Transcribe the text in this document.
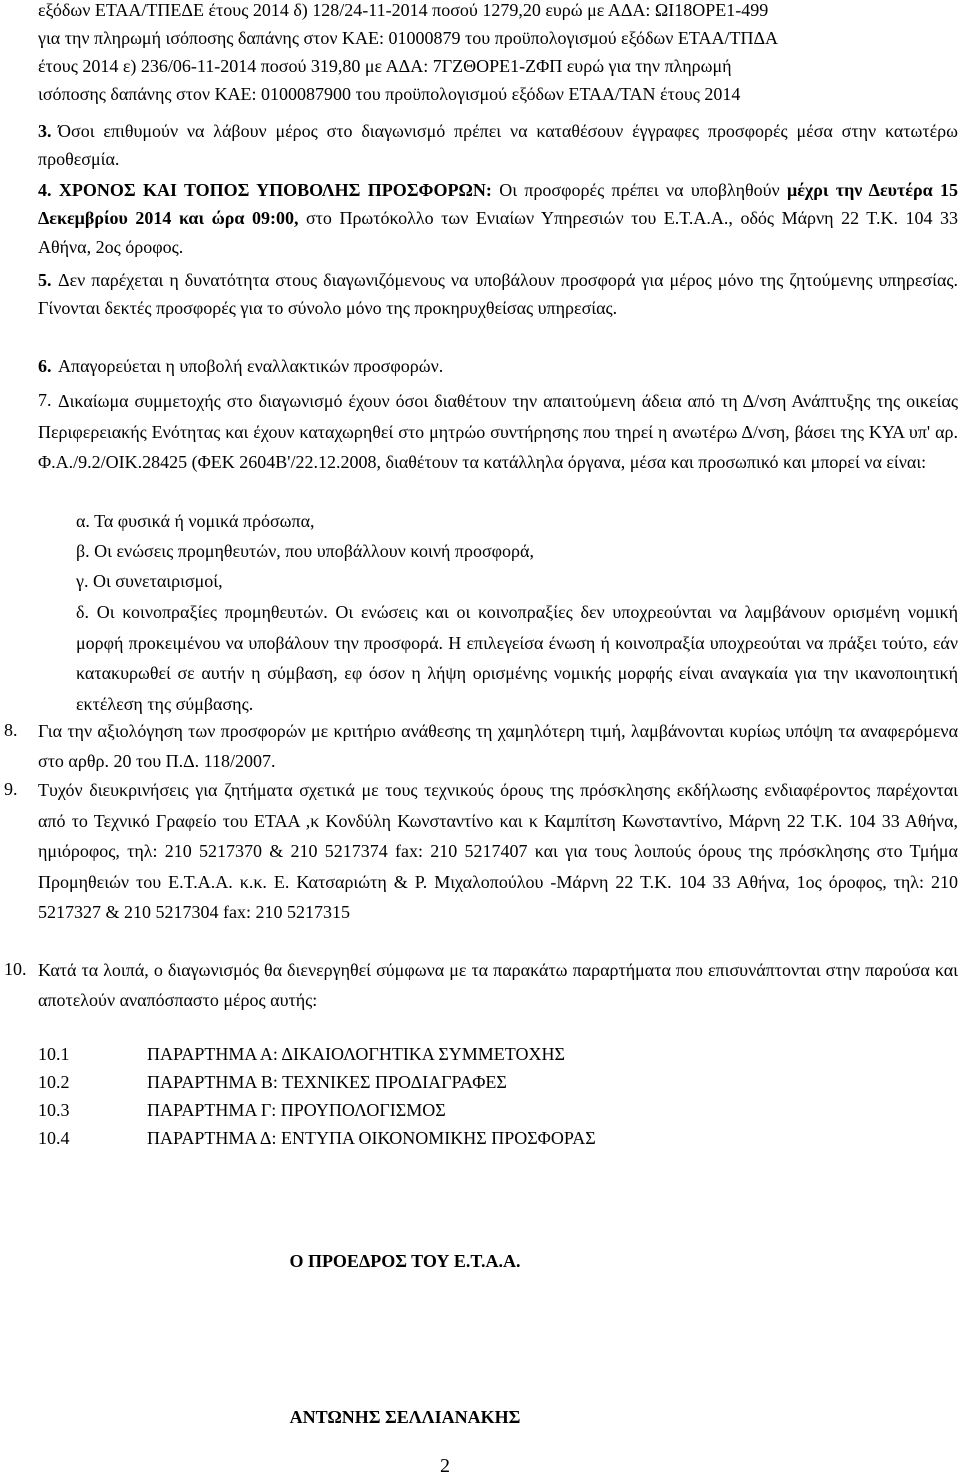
εξόδων ΕΤΑΑ/ΤΠΕΔΕ έτους 2014 δ) 128/24-11-2014 ποσού 1279,20 ευρώ με ΑΔΑ: ΩΙ18ΟΡΕ1-499
για την πληρωμή ισόποσης δαπάνης στον ΚΑΕ: 01000879 του προϋπολογισμού εξόδων ΕΤΑΑ/ΤΠΔΑ
έτους 2014 ε) 236/06-11-2014 ποσού 319,80 με ΑΔΑ: 7ΓΖΘΟΡΕ1-ΖΦΠ ευρώ για την πληρωμή
ισόποσης δαπάνης στον ΚΑΕ: 0100087900 του προϋπολογισμού εξόδων ΕΤΑΑ/ΤΑΝ έτους 2014
3. Όσοι επιθυμούν να λάβουν μέρος στο διαγωνισμό πρέπει να καταθέσουν έγγραφες προσφορές μέσα στην κατωτέρω προθεσμία.
4. ΧΡΟΝΟΣ ΚΑΙ ΤΟΠΟΣ ΥΠΟΒΟΛΗΣ ΠΡΟΣΦΟΡΩΝ: Οι προσφορές πρέπει να υποβληθούν μέχρι την Δευτέρα 15 Δεκεμβρίου 2014 και ώρα 09:00, στο Πρωτόκολλο των Ενιαίων Υπηρεσιών του Ε.Τ.Α.Α., οδός Μάρνη 22 Τ.Κ. 104 33 Αθήνα, 2ος όροφος.
5. Δεν παρέχεται η δυνατότητα στους διαγωνιζόμενους να υποβάλουν προσφορά για μέρος μόνο της ζητούμενης υπηρεσίας. Γίνονται δεκτές προσφορές για το σύνολο μόνο της προκηρυχθείσας υπηρεσίας.
6. Απαγορεύεται η υποβολή εναλλακτικών προσφορών.
7. Δικαίωμα συμμετοχής στο διαγωνισμό έχουν όσοι διαθέτουν την απαιτούμενη άδεια από τη Δ/νση Ανάπτυξης της οικείας Περιφερειακής Ενότητας και έχουν καταχωρηθεί στο μητρώο συντήρησης που τηρεί η ανωτέρω Δ/νση, βάσει της ΚΥΑ υπ' αρ. Φ.Α./9.2/ΟΙΚ.28425 (ΦΕΚ 2604Β'/22.12.2008, διαθέτουν τα κατάλληλα όργανα, μέσα και προσωπικό και μπορεί να είναι:
α. Τα φυσικά ή νομικά πρόσωπα,
β. Οι ενώσεις προμηθευτών, που υποβάλλουν κοινή προσφορά,
γ. Οι συνεταιρισμοί,
δ. Οι κοινοπραξίες προμηθευτών. Οι ενώσεις και οι κοινοπραξίες δεν υποχρεούνται να λαμβάνουν ορισμένη νομική μορφή προκειμένου να υποβάλουν την προσφορά. Η επιλεγείσα ένωση ή κοινοπραξία υποχρεούται να πράξει τούτο, εάν κατακυρωθεί σε αυτήν η σύμβαση, εφ όσον η λήψη ορισμένης νομικής μορφής είναι αναγκαία για την ικανοποιητική εκτέλεση της σύμβασης.
8. Για την αξιολόγηση των προσφορών με κριτήριο ανάθεσης τη χαμηλότερη τιμή, λαμβάνονται κυρίως υπόψη τα αναφερόμενα στο αρθρ. 20 του Π.Δ. 118/2007.
9. Τυχόν διευκρινήσεις για ζητήματα σχετικά με τους τεχνικούς όρους της πρόσκλησης εκδήλωσης ενδιαφέροντος παρέχονται από το Τεχνικό Γραφείο του ΕΤΑΑ ,κ Κονδύλη Κωνσταντίνο και κ Καμπίτση Κωνσταντίνο, Μάρνη 22 Τ.Κ. 104 33 Αθήνα, ημιόροφος, τηλ: 210 5217370 & 210 5217374 fax: 210 5217407 και για τους λοιπούς όρους της πρόσκλησης στο Τμήμα Προμηθειών του Ε.Τ.Α.Α. κ.κ. Ε. Κατσαριώτη & Ρ. Μιχαλοπούλου -Μάρνη 22 Τ.Κ. 104 33 Αθήνα, 1ος όροφος, τηλ: 210 5217327 & 210 5217304 fax: 210 5217315
10. Κατά τα λοιπά, ο διαγωνισμός θα διενεργηθεί σύμφωνα με τα παρακάτω παραρτήματα που επισυνάπτονται στην παρούσα και αποτελούν αναπόσπαστο μέρος αυτής:
10.1	ΠΑΡΑΡΤΗΜΑ Α: ΔΙΚΑΙΟΛΟΓΗΤΙΚΑ ΣΥΜΜΕΤΟΧΗΣ
10.2	ΠΑΡΑΡΤΗΜΑ Β: ΤΕΧΝΙΚΕΣ ΠΡΟΔΙΑΓΡΑΦΕΣ
10.3	ΠΑΡΑΡΤΗΜΑ Γ: ΠΡΟΥΠΟΛΟΓΙΣΜΟΣ
10.4	ΠΑΡΑΡΤΗΜΑ Δ: ΕΝΤΥΠΑ ΟΙΚΟΝΟΜΙΚΗΣ ΠΡΟΣΦΟΡΑΣ
Ο ΠΡΟΕΔΡΟΣ ΤΟΥ Ε.Τ.Α.Α.
ΑΝΤΩΝΗΣ ΣΕΛΛΙΑΝΑΚΗΣ
2
